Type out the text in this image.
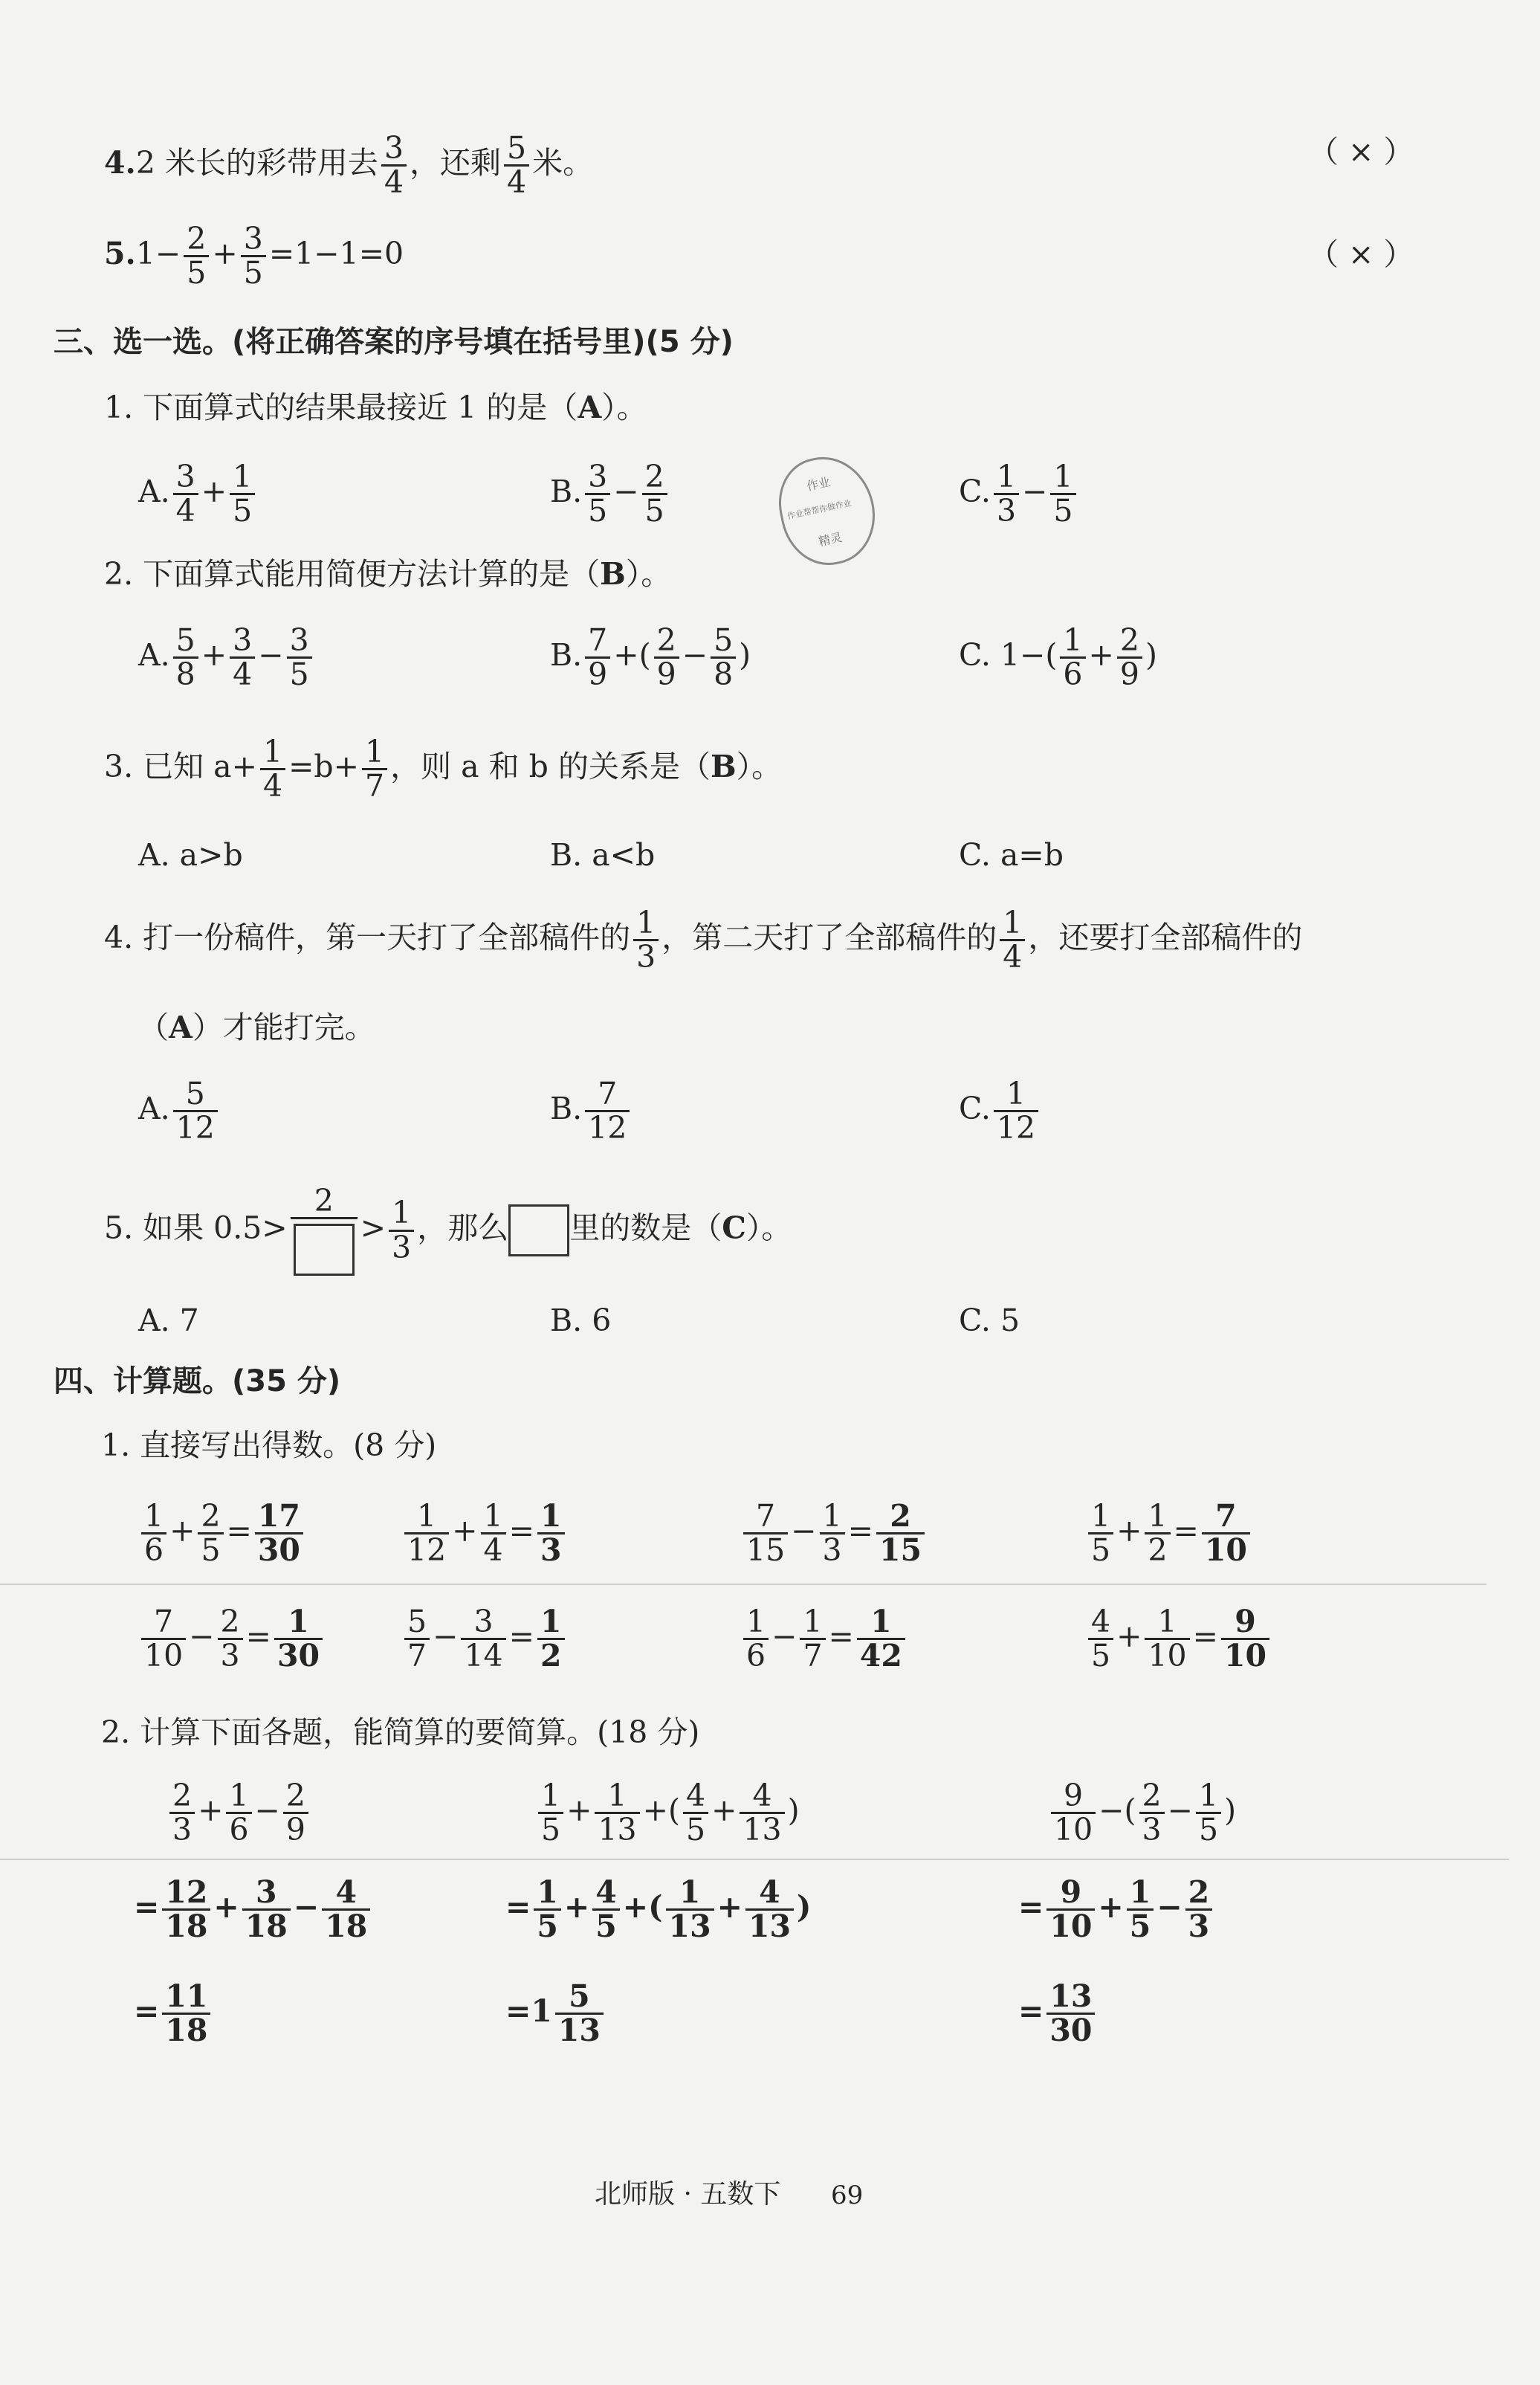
4.2 米长的彩带用去 $\frac{3}{4}$ ，还剩 $\frac{5}{4}$ 米。	（ × ）
$5.1- \frac{2}{5} + \frac{3}{5} =1-1=0$	（ × ）
三、选一选。(将正确答案的序号填在括号里)(5 分)
1. 下面算式的结果最接近 1 的是（A）。
A. $\frac{3}{4} + \frac{1}{5}$	B. $\frac{3}{5} - \frac{2}{5}$	C. $\frac{1}{3} - \frac{1}{5}$
作业
作业帮帮你做作业
精灵
2. 下面算式能用简便方法计算的是（B）。
A. $\frac{5}{8} + \frac{3}{4} - \frac{3}{5}$	B. $\frac{7}{9}$ +( $\frac{2}{9} - \frac{5}{8}$ )	C. $1-( \frac{1}{6} + \frac{2}{9}$ )
3. 已知 $a+ \frac{1}{4} =b+ \frac{1}{7}$ ，则 a 和 b 的关系是（B）。
A. a>b	B. a<b	C. a=b
4. 打一份稿件，第一天打了全部稿件的 $\frac{1}{3}$ ，第二天打了全部稿件的 $\frac{1}{4}$ ，还要打全部稿件的
（A）才能打完。
A. $\frac{5}{12}$	B. $\frac{7}{12}$	C. $\frac{1}{12}$
5. 如果 0.5>
2
> $\frac{1}{3}$ ，那么 里的数是（C）。
A. 7	B. 6	C. 5
四、计算题。(35 分)
1. 直接写出得数。(8 分)
$\frac{1}{6} + \frac{2}{5} = \frac{17}{30}$	$\frac{1}{12} + \frac{1}{4} = \frac{1}{3}$	$\frac{7}{15} - \frac{1}{3} = \frac{2}{15}$	$\frac{1}{5} + \frac{1}{2} = \frac{7}{10}$
$\frac{7}{10} - \frac{2}{3} = \frac{1}{30}$	$\frac{5}{7} - \frac{3}{14} = \frac{1}{2}$	$\frac{1}{6} - \frac{1}{7} = \frac{1}{42}$	$\frac{4}{5} + \frac{1}{10} = \frac{9}{10}$
2. 计算下面各题，能简算的要简算。(18 分)
$\frac{2}{3} + \frac{1}{6} - \frac{2}{9}$
= $\frac{12}{18} + \frac{3}{18} - \frac{4}{18}$
= $\frac{11}{18}$
$\frac{1}{5} + \frac{1}{13}$ +( $\frac{4}{5} + \frac{4}{13}$ )
= $\frac{1}{5} + \frac{4}{5}$ +( $\frac{1}{13} + \frac{4}{13}$ )
$=1 \frac{5}{13}$
$\frac{9}{10}$ −( $\frac{2}{3} - \frac{1}{5}$ )
= $\frac{9}{10} + \frac{1}{5} - \frac{2}{3}$
= $\frac{13}{30}$
北师版 · 五数下 69
